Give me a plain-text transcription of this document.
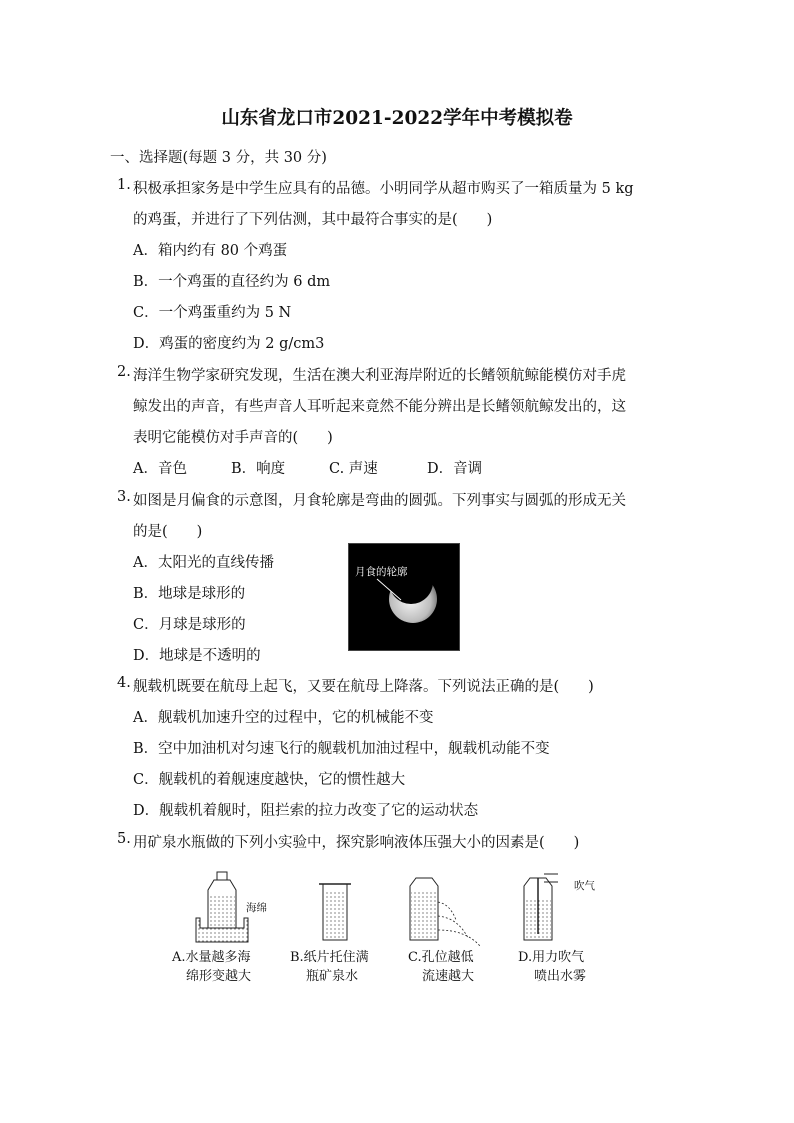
山东省龙口市2021-2022学年中考模拟卷
一、选择题(每题 3 分，共 30 分)
1. 积极承担家务是中学生应具有的品德。小明同学从超市购买了一箱质量为 5 kg
的鸡蛋，并进行了下列估测，其中最符合事实的是(　　)
A．箱内约有 80 个鸡蛋
B．一个鸡蛋的直径约为 6 dm
C．一个鸡蛋重约为 5 N
D．鸡蛋的密度约为 2 g/cm3
2. 海洋生物学家研究发现，生活在澳大利亚海岸附近的长鳍领航鲸能模仿对手虎
鲸发出的声音，有些声音人耳听起来竟然不能分辨出是长鳍领航鲸发出的，这
表明它能模仿对手声音的(　　)
A．音色	B．响度	C. 声速	D．音调
3. 如图是月偏食的示意图，月食轮廓是弯曲的圆弧。下列事实与圆弧的形成无关
的是(　　)
A．太阳光的直线传播
B．地球是球形的
C．月球是球形的
D．地球是不透明的
月食的轮廓
4. 舰载机既要在航母上起飞，又要在航母上降落。下列说法正确的是(　　)
A．舰载机加速升空的过程中，它的机械能不变
B．空中加油机对匀速飞行的舰载机加油过程中，舰载机动能不变
C．舰载机的着舰速度越快，它的惯性越大
D．舰载机着舰时，阻拦索的拉力改变了它的运动状态
5. 用矿泉水瓶做的下列小实验中，探究影响液体压强大小的因素是(　　)
海绵
吹气
A.水量越多海
绵形变越大
B.纸片托住满
瓶矿泉水
C.孔位越低
流速越大
D.用力吹气
喷出水雾
